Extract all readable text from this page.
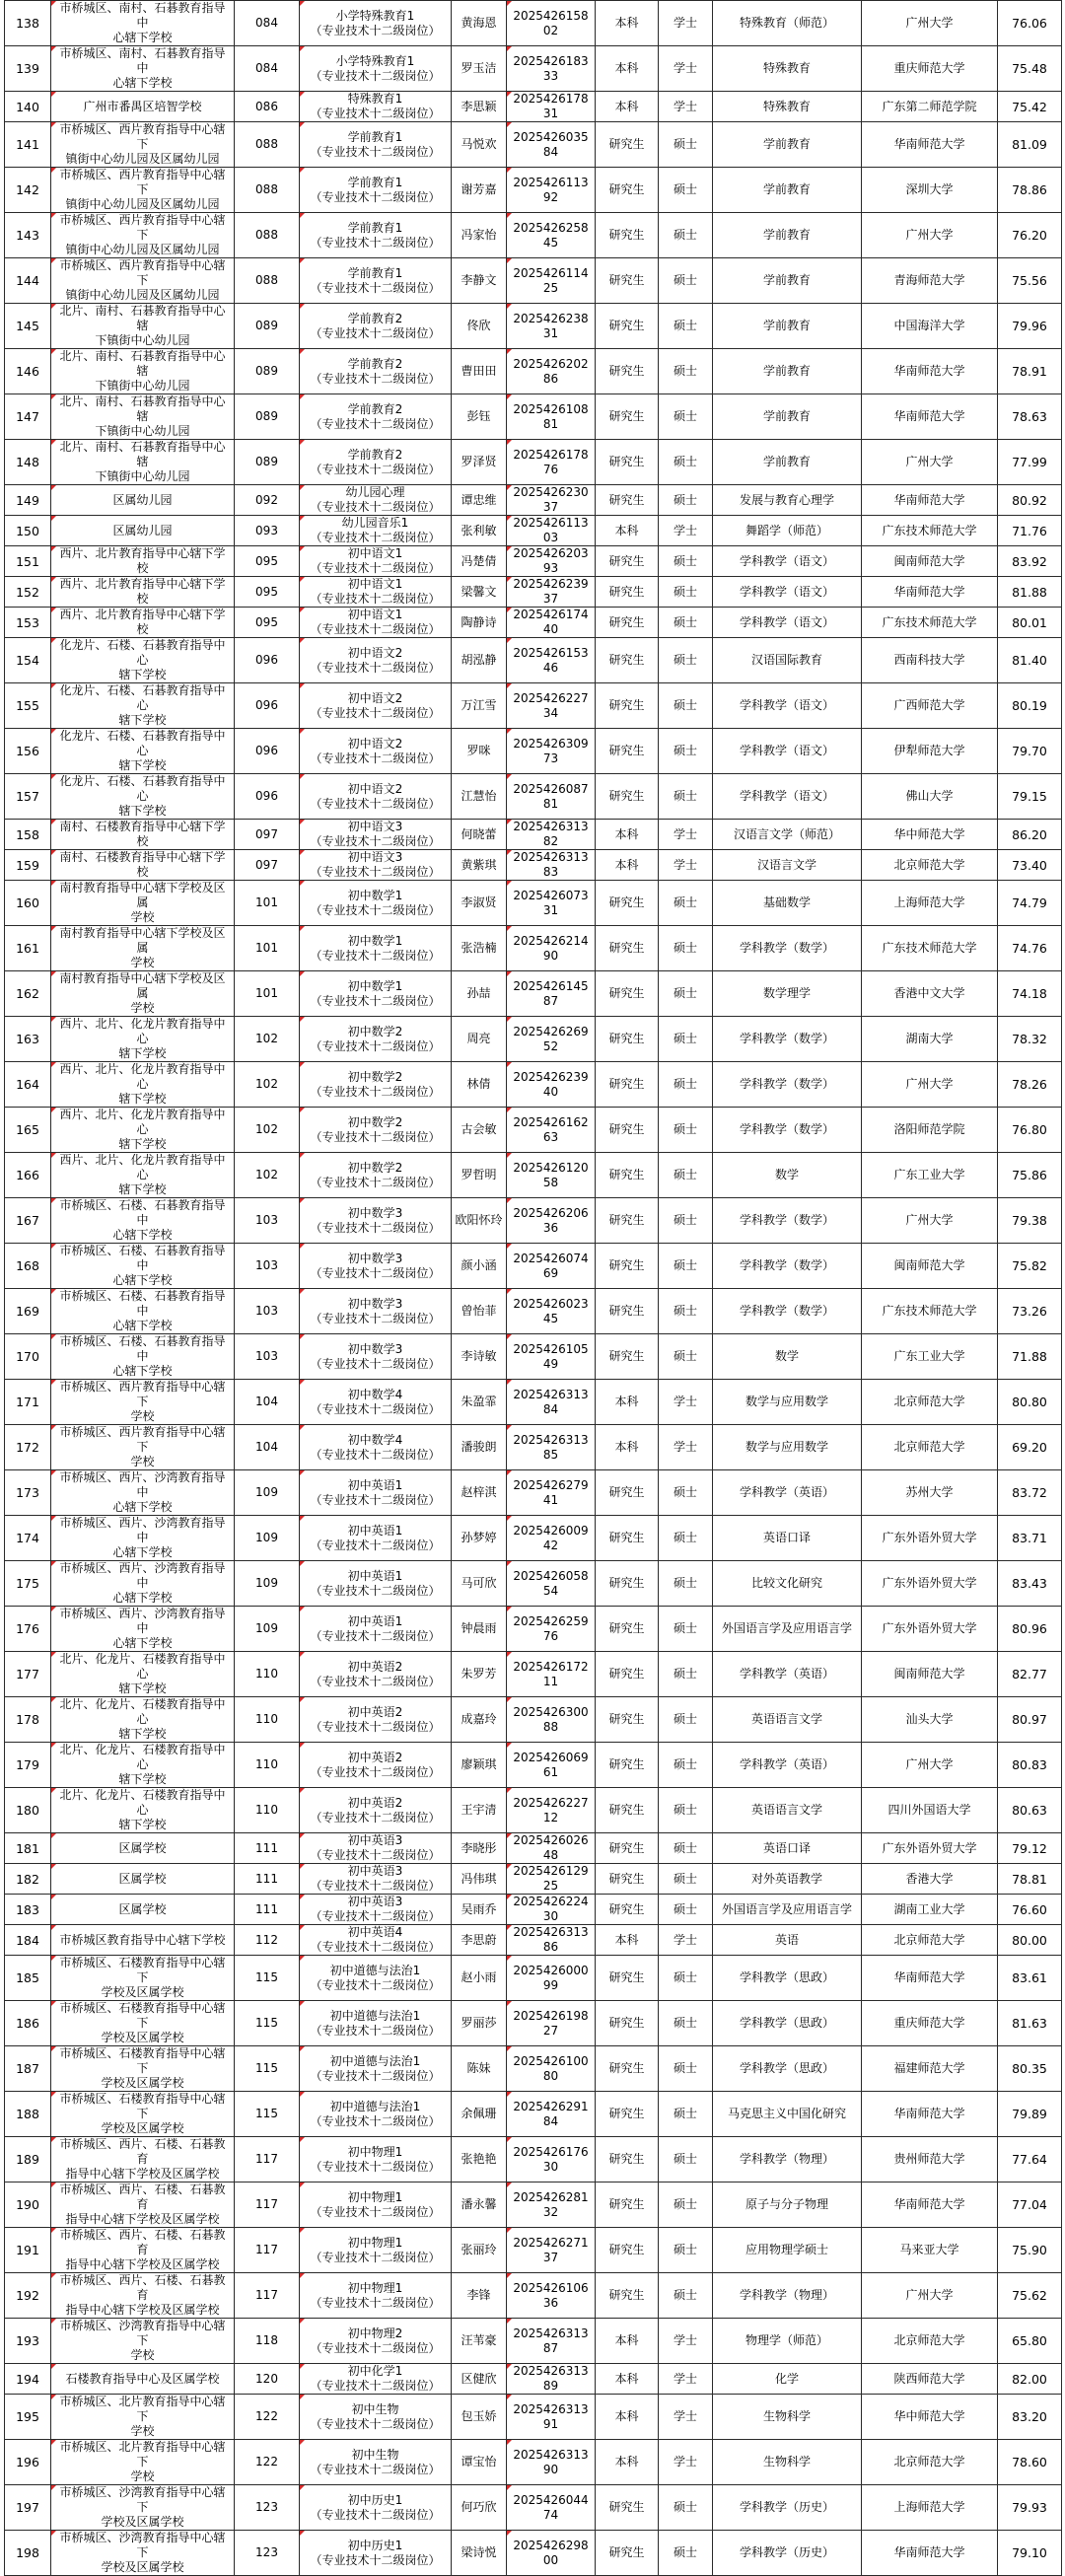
138	市桥城区、南村、石碁教育指导中
心辖下学校	084	小学特殊教育1
（专业技术十二级岗位）	黄海恩	202542615802	本科	学士	特殊教育（师范）	广州大学	76.06
139	市桥城区、南村、石碁教育指导中
心辖下学校	084	小学特殊教育1
（专业技术十二级岗位）	罗玉洁	202542618333	本科	学士	特殊教育	重庆师范大学	75.48
140	广州市番禺区培智学校	086	特殊教育1
（专业技术十二级岗位）	李思颖	202542617831	本科	学士	特殊教育	广东第二师范学院	75.42
141	市桥城区、西片教育指导中心辖下
镇街中心幼儿园及区属幼儿园	088	学前教育1
（专业技术十二级岗位）	马悦欢	202542603584	研究生	硕士	学前教育	华南师范大学	81.09
142	市桥城区、西片教育指导中心辖下
镇街中心幼儿园及区属幼儿园	088	学前教育1
（专业技术十二级岗位）	谢芳嘉	202542611392	研究生	硕士	学前教育	深圳大学	78.86
143	市桥城区、西片教育指导中心辖下
镇街中心幼儿园及区属幼儿园	088	学前教育1
（专业技术十二级岗位）	冯家怡	202542625845	研究生	硕士	学前教育	广州大学	76.20
144	市桥城区、西片教育指导中心辖下
镇街中心幼儿园及区属幼儿园	088	学前教育1
（专业技术十二级岗位）	李静文	202542611425	研究生	硕士	学前教育	青海师范大学	75.56
145	北片、南村、石碁教育指导中心辖
下镇街中心幼儿园	089	学前教育2
（专业技术十二级岗位）	佟欣	202542623831	研究生	硕士	学前教育	中国海洋大学	79.96
146	北片、南村、石碁教育指导中心辖
下镇街中心幼儿园	089	学前教育2
（专业技术十二级岗位）	曹田田	202542620286	研究生	硕士	学前教育	华南师范大学	78.91
147	北片、南村、石碁教育指导中心辖
下镇街中心幼儿园	089	学前教育2
（专业技术十二级岗位）	彭钰	202542610881	研究生	硕士	学前教育	华南师范大学	78.63
148	北片、南村、石碁教育指导中心辖
下镇街中心幼儿园	089	学前教育2
（专业技术十二级岗位）	罗泽贤	202542617876	研究生	硕士	学前教育	广州大学	77.99
149	区属幼儿园	092	幼儿园心理
（专业技术十二级岗位）	谭忠维	202542623037	研究生	硕士	发展与教育心理学	华南师范大学	80.92
150	区属幼儿园	093	幼儿园音乐1
（专业技术十二级岗位）	张利敏	202542611303	本科	学士	舞蹈学（师范）	广东技术师范大学	71.76
151	西片、北片教育指导中心辖下学校	095	初中语文1
（专业技术十二级岗位）	冯楚倩	202542620393	研究生	硕士	学科教学（语文）	闽南师范大学	83.92
152	西片、北片教育指导中心辖下学校	095	初中语文1
（专业技术十二级岗位）	梁馨文	202542623937	研究生	硕士	学科教学（语文）	华南师范大学	81.88
153	西片、北片教育指导中心辖下学校	095	初中语文1
（专业技术十二级岗位）	陶静诗	202542617440	研究生	硕士	学科教学（语文）	广东技术师范大学	80.01
154	化龙片、石楼、石碁教育指导中心
辖下学校	096	初中语文2
（专业技术十二级岗位）	胡泓静	202542615346	研究生	硕士	汉语国际教育	西南科技大学	81.40
155	化龙片、石楼、石碁教育指导中心
辖下学校	096	初中语文2
（专业技术十二级岗位）	万江雪	202542622734	研究生	硕士	学科教学（语文）	广西师范大学	80.19
156	化龙片、石楼、石碁教育指导中心
辖下学校	096	初中语文2
（专业技术十二级岗位）	罗咪	202542630973	研究生	硕士	学科教学（语文）	伊犁师范大学	79.70
157	化龙片、石楼、石碁教育指导中心
辖下学校	096	初中语文2
（专业技术十二级岗位）	江慧怡	202542608781	研究生	硕士	学科教学（语文）	佛山大学	79.15
158	南村、石楼教育指导中心辖下学校	097	初中语文3
（专业技术十二级岗位）	何晓蕾	202542631382	本科	学士	汉语言文学（师范）	华中师范大学	86.20
159	南村、石楼教育指导中心辖下学校	097	初中语文3
（专业技术十二级岗位）	黄紫琪	202542631383	本科	学士	汉语言文学	北京师范大学	73.40
160	南村教育指导中心辖下学校及区属
学校	101	初中数学1
（专业技术十二级岗位）	李淑贤	202542607331	研究生	硕士	基础数学	上海师范大学	74.79
161	南村教育指导中心辖下学校及区属
学校	101	初中数学1
（专业技术十二级岗位）	张浩楠	202542621490	研究生	硕士	学科教学（数学）	广东技术师范大学	74.76
162	南村教育指导中心辖下学校及区属
学校	101	初中数学1
（专业技术十二级岗位）	孙喆	202542614587	研究生	硕士	数学理学	香港中文大学	74.18
163	西片、北片、化龙片教育指导中心
辖下学校	102	初中数学2
（专业技术十二级岗位）	周亮	202542626952	研究生	硕士	学科教学（数学）	湖南大学	78.32
164	西片、北片、化龙片教育指导中心
辖下学校	102	初中数学2
（专业技术十二级岗位）	林倩	202542623940	研究生	硕士	学科教学（数学）	广州大学	78.26
165	西片、北片、化龙片教育指导中心
辖下学校	102	初中数学2
（专业技术十二级岗位）	古会敏	202542616263	研究生	硕士	学科教学（数学）	洛阳师范学院	76.80
166	西片、北片、化龙片教育指导中心
辖下学校	102	初中数学2
（专业技术十二级岗位）	罗哲明	202542612058	研究生	硕士	数学	广东工业大学	75.86
167	市桥城区、石楼、石碁教育指导中
心辖下学校	103	初中数学3
（专业技术十二级岗位）	欧阳怀玲	202542620636	研究生	硕士	学科教学（数学）	广州大学	79.38
168	市桥城区、石楼、石碁教育指导中
心辖下学校	103	初中数学3
（专业技术十二级岗位）	颜小涵	202542607469	研究生	硕士	学科教学（数学）	闽南师范大学	75.82
169	市桥城区、石楼、石碁教育指导中
心辖下学校	103	初中数学3
（专业技术十二级岗位）	曾怡菲	202542602345	研究生	硕士	学科教学（数学）	广东技术师范大学	73.26
170	市桥城区、石楼、石碁教育指导中
心辖下学校	103	初中数学3
（专业技术十二级岗位）	李诗敏	202542610549	研究生	硕士	数学	广东工业大学	71.88
171	市桥城区、西片教育指导中心辖下
学校	104	初中数学4
（专业技术十二级岗位）	朱盈霏	202542631384	本科	学士	数学与应用数学	北京师范大学	80.80
172	市桥城区、西片教育指导中心辖下
学校	104	初中数学4
（专业技术十二级岗位）	潘骏朗	202542631385	本科	学士	数学与应用数学	北京师范大学	69.20
173	市桥城区、西片、沙湾教育指导中
心辖下学校	109	初中英语1
（专业技术十二级岗位）	赵梓淇	202542627941	研究生	硕士	学科教学（英语）	苏州大学	83.72
174	市桥城区、西片、沙湾教育指导中
心辖下学校	109	初中英语1
（专业技术十二级岗位）	孙梦婷	202542600942	研究生	硕士	英语口译	广东外语外贸大学	83.71
175	市桥城区、西片、沙湾教育指导中
心辖下学校	109	初中英语1
（专业技术十二级岗位）	马可欣	202542605854	研究生	硕士	比较文化研究	广东外语外贸大学	83.43
176	市桥城区、西片、沙湾教育指导中
心辖下学校	109	初中英语1
（专业技术十二级岗位）	钟晨雨	202542625976	研究生	硕士	外国语言学及应用语言学	广东外语外贸大学	80.96
177	北片、化龙片、石楼教育指导中心
辖下学校	110	初中英语2
（专业技术十二级岗位）	朱罗芳	202542617211	研究生	硕士	学科教学（英语）	闽南师范大学	82.77
178	北片、化龙片、石楼教育指导中心
辖下学校	110	初中英语2
（专业技术十二级岗位）	成嘉玲	202542630088	研究生	硕士	英语语言文学	汕头大学	80.97
179	北片、化龙片、石楼教育指导中心
辖下学校	110	初中英语2
（专业技术十二级岗位）	廖颖琪	202542606961	研究生	硕士	学科教学（英语）	广州大学	80.83
180	北片、化龙片、石楼教育指导中心
辖下学校	110	初中英语2
（专业技术十二级岗位）	王宇清	202542622712	研究生	硕士	英语语言文学	四川外国语大学	80.63
181	区属学校	111	初中英语3
（专业技术十二级岗位）	李晓彤	202542602648	研究生	硕士	英语口译	广东外语外贸大学	79.12
182	区属学校	111	初中英语3
（专业技术十二级岗位）	冯伟琪	202542612925	研究生	硕士	对外英语教学	香港大学	78.81
183	区属学校	111	初中英语3
（专业技术十二级岗位）	吴雨乔	202542622430	研究生	硕士	外国语言学及应用语言学	湖南工业大学	76.60
184	市桥城区教育指导中心辖下学校	112	初中英语4
（专业技术十二级岗位）	李思蔚	202542631386	本科	学士	英语	北京师范大学	80.00
185	市桥城区、石楼教育指导中心辖下
学校及区属学校	115	初中道德与法治1
（专业技术十二级岗位）	赵小雨	202542600099	研究生	硕士	学科教学（思政）	华南师范大学	83.61
186	市桥城区、石楼教育指导中心辖下
学校及区属学校	115	初中道德与法治1
（专业技术十二级岗位）	罗丽莎	202542619827	研究生	硕士	学科教学（思政）	重庆师范大学	81.63
187	市桥城区、石楼教育指导中心辖下
学校及区属学校	115	初中道德与法治1
（专业技术十二级岗位）	陈妹	202542610080	研究生	硕士	学科教学（思政）	福建师范大学	80.35
188	市桥城区、石楼教育指导中心辖下
学校及区属学校	115	初中道德与法治1
（专业技术十二级岗位）	余佩珊	202542629184	研究生	硕士	马克思主义中国化研究	华南师范大学	79.89
189	市桥城区、西片、石楼、石碁教育
指导中心辖下学校及区属学校	117	初中物理1
（专业技术十二级岗位）	张艳艳	202542617630	研究生	硕士	学科教学（物理）	贵州师范大学	77.64
190	市桥城区、西片、石楼、石碁教育
指导中心辖下学校及区属学校	117	初中物理1
（专业技术十二级岗位）	潘永馨	202542628132	研究生	硕士	原子与分子物理	华南师范大学	77.04
191	市桥城区、西片、石楼、石碁教育
指导中心辖下学校及区属学校	117	初中物理1
（专业技术十二级岗位）	张丽玲	202542627137	研究生	硕士	应用物理学硕士	马来亚大学	75.90
192	市桥城区、西片、石楼、石碁教育
指导中心辖下学校及区属学校	117	初中物理1
（专业技术十二级岗位）	李锋	202542610636	研究生	硕士	学科教学（物理）	广州大学	75.62
193	市桥城区、沙湾教育指导中心辖下
学校	118	初中物理2
（专业技术十二级岗位）	汪苇豪	202542631387	本科	学士	物理学（师范）	北京师范大学	65.80
194	石楼教育指导中心及区属学校	120	初中化学1
（专业技术十二级岗位）	区健欣	202542631389	本科	学士	化学	陕西师范大学	82.00
195	市桥城区、北片教育指导中心辖下
学校	122	初中生物
（专业技术十二级岗位）	包玉娇	202542631391	本科	学士	生物科学	华中师范大学	83.20
196	市桥城区、北片教育指导中心辖下
学校	122	初中生物
（专业技术十二级岗位）	谭宝怡	202542631390	本科	学士	生物科学	北京师范大学	78.60
197	市桥城区、沙湾教育指导中心辖下
学校及区属学校	123	初中历史1
（专业技术十二级岗位）	何巧欣	202542604474	研究生	硕士	学科教学（历史）	上海师范大学	79.93
198	市桥城区、沙湾教育指导中心辖下
学校及区属学校	123	初中历史1
（专业技术十二级岗位）	梁诗悦	202542629800	研究生	硕士	学科教学（历史）	华南师范大学	79.10
